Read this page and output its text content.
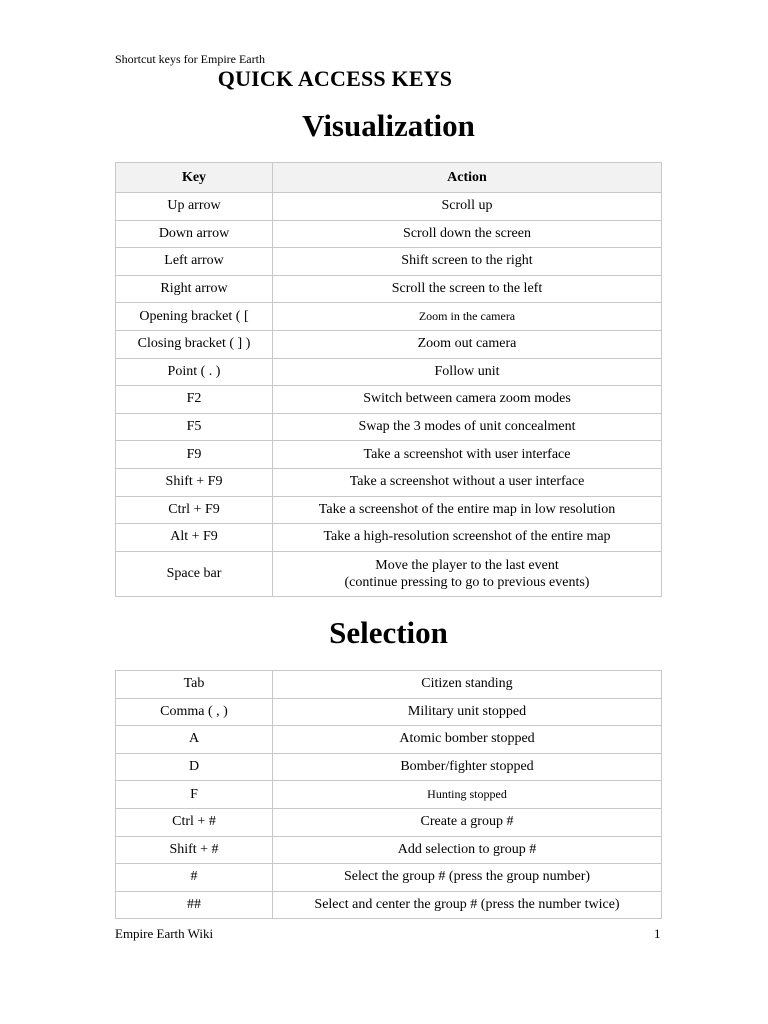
Shortcut keys for Empire Earth
QUICK ACCESS KEYS
Visualization
Key	Action
Up arrow	Scroll up
Down arrow	Scroll down the screen
Left arrow	Shift screen to the right
Right arrow	Scroll the screen to the left
Opening bracket ( [	Zoom in the camera
Closing bracket ( ] )	Zoom out camera
Point ( . )	Follow unit
F2	Switch between camera zoom modes
F5	Swap the 3 modes of unit concealment
F9	Take a screenshot with user interface
Shift + F9	Take a screenshot without a user interface
Ctrl + F9	Take a screenshot of the entire map in low resolution
Alt + F9	Take a high-resolution screenshot of the entire map
Space bar	Move the player to the last event
(continue pressing to go to previous events)
Selection
Tab	Citizen standing
Comma ( , )	Military unit stopped
A	Atomic bomber stopped
D	Bomber/fighter stopped
F	Hunting stopped
Ctrl + #	Create a group #
Shift + #	Add selection to group #
#	Select the group # (press the group number)
##	Select and center the group # (press the number twice)
Empire Earth Wiki	1
